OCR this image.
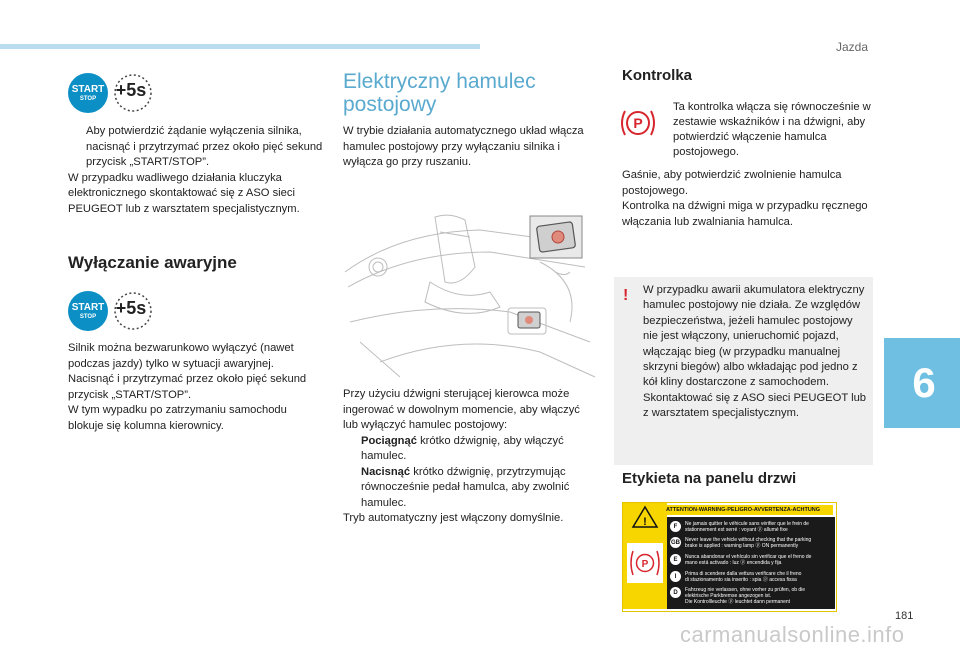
Jazda
6
181
carmanualsonline.info
START
STOP	+5s
Aby potwierdzić żądanie wyłączenia silnika, nacisnąć i przytrzymać przez około pięć sekund przycisk „START/STOP”.

W przypadku wadliwego działania kluczyka elektronicznego skontaktować się z ASO sieci PEUGEOT lub z warsztatem specjalistycznym.

Wyłączanie awaryjne
START
STOP	+5s

Silnik można bezwarunkowo wyłączyć (nawet podczas jazdy) tylko w sytuacji awaryjnej.

Nacisnąć i przytrzymać przez około pięć sekund przycisk „START/STOP”.

W tym wypadku po zatrzymaniu samochodu blokuje się kolumna kierownicy.

Elektryczny hamulec postojowy
W trybie działania automatycznego układ włącza hamulec postojowy przy wyłączaniu silnika i wyłącza go przy ruszaniu.

Przy użyciu dźwigni sterującej kierowca może ingerować w dowolnym momencie, aby włączyć lub wyłączyć hamulec postojowy:

Pociągnąć krótko dźwignię, aby włączyć hamulec.
Nacisnąć krótko dźwignię, przytrzymując równocześnie pedał hamulca, aby zwolnić hamulec.

Tryb automatyczny jest włączony domyślnie.

Kontrolka
P
Ta kontrolka włącza się równocześnie w zestawie wskaźników i na dźwigni, aby potwierdzić włączenie hamulca postojowego.

Gaśnie, aby potwierdzić zwolnienie hamulca postojowego.

Kontrolka na dźwigni miga w przypadku ręcznego włączania lub zwalniania hamulca.

! W przypadku awarii akumulatora elektryczny hamulec postojowy nie działa. Ze względów bezpieczeństwa, jeżeli hamulec postojowy nie jest włączony, unieruchomić pojazd, włączając bieg (w przypadku manualnej skrzyni biegów) albo wkładając pod jedno z kół kliny dostarczone z samochodem. Skontaktować się z ASO sieci PEUGEOT lub z warsztatem specjalistycznym.
Etykieta na panelu drzwi
!
P
ATTENTION-WARNING-PELIGRO-AVVERTENZA-ACHTUNG
F	Ne jamais quitter le véhicule sans vérifier que le frein de
stationnement est serré : voyant ⓟ allumé fixe
GB Never leave the vehicle without checking that the parking
brake is applied : warning lamp ⓟ ON permanently
E	Nunca abandonar el vehículo sin verificar que el freno de
mano está activado : luz ⓟ encendida y fija
I	Prima di scendere dalla vettura verificare che il freno
di stazionamento sia inserito : spia ⓟ accesa fissa
D	Fahrzeug nie verlassen, ohne vorher zu prüfen, ob die
elektrische Parkbremse angezogen ist.
Die Kontrollleuchte ⓟ leuchtet dann permanent
